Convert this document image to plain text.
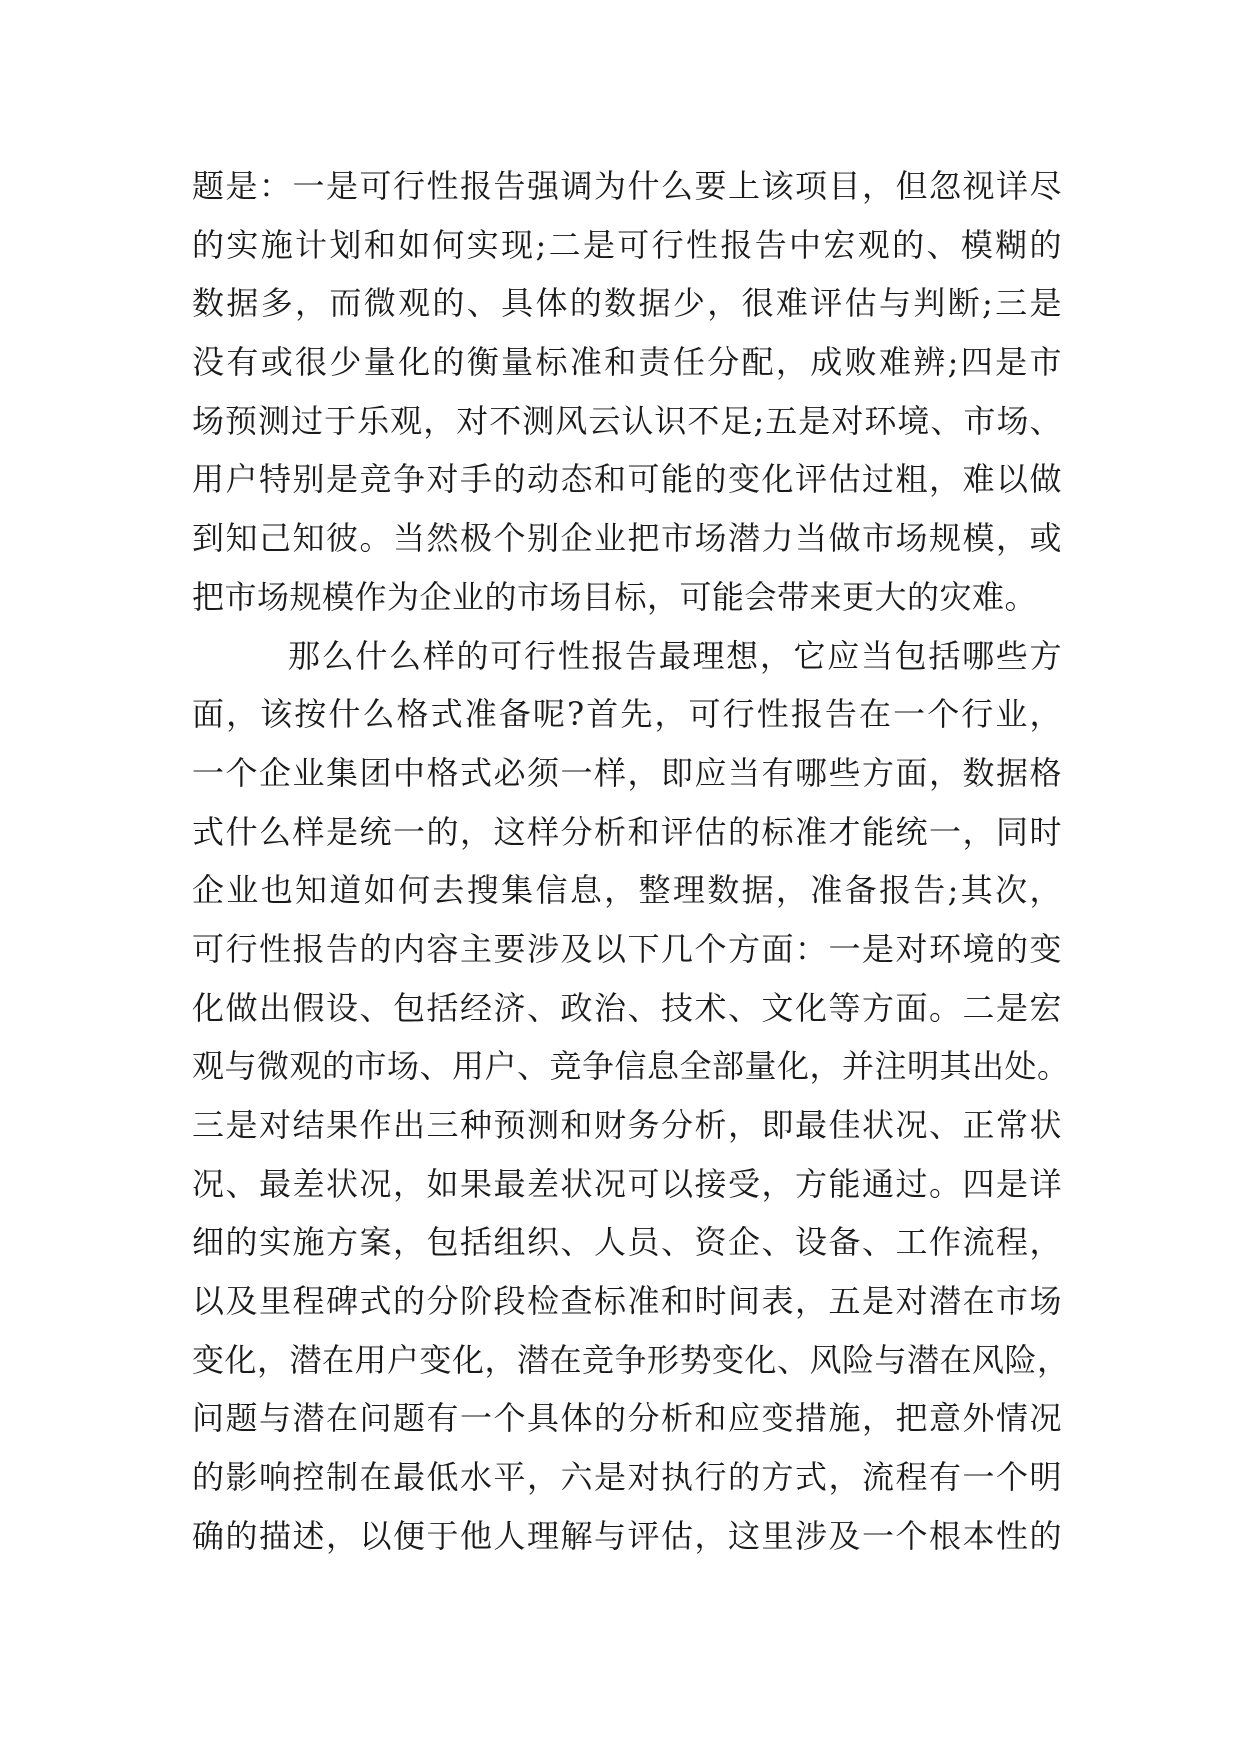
题是：一是可行性报告强调为什么要上该项目，但忽视详尽
的实施计划和如何实现;二是可行性报告中宏观的、模糊的
数据多，而微观的、具体的数据少，很难评估与判断;三是
没有或很少量化的衡量标准和责任分配，成败难辨;四是市
场预测过于乐观，对不测风云认识不足;五是对环境、市场、
用户特别是竞争对手的动态和可能的变化评估过粗，难以做
到知己知彼。当然极个别企业把市场潜力当做市场规模，或
把市场规模作为企业的市场目标，可能会带来更大的灾难。
那么什么样的可行性报告最理想，它应当包括哪些方
面，该按什么格式准备呢?首先，可行性报告在一个行业，
一个企业集团中格式必须一样，即应当有哪些方面，数据格
式什么样是统一的，这样分析和评估的标准才能统一，同时
企业也知道如何去搜集信息，整理数据，准备报告;其次，
可行性报告的内容主要涉及以下几个方面：一是对环境的变
化做出假设、包括经济、政治、技术、文化等方面。二是宏
观与微观的市场、用户、竞争信息全部量化，并注明其出处。
三是对结果作出三种预测和财务分析，即最佳状况、正常状
况、最差状况，如果最差状况可以接受，方能通过。四是详
细的实施方案，包括组织、人员、资企、设备、工作流程，
以及里程碑式的分阶段检查标准和时间表，五是对潜在市场
变化，潜在用户变化，潜在竞争形势变化、风险与潜在风险，
问题与潜在问题有一个具体的分析和应变措施，把意外情况
的影响控制在最低水平，六是对执行的方式，流程有一个明
确的描述，以便于他人理解与评估，这里涉及一个根本性的
